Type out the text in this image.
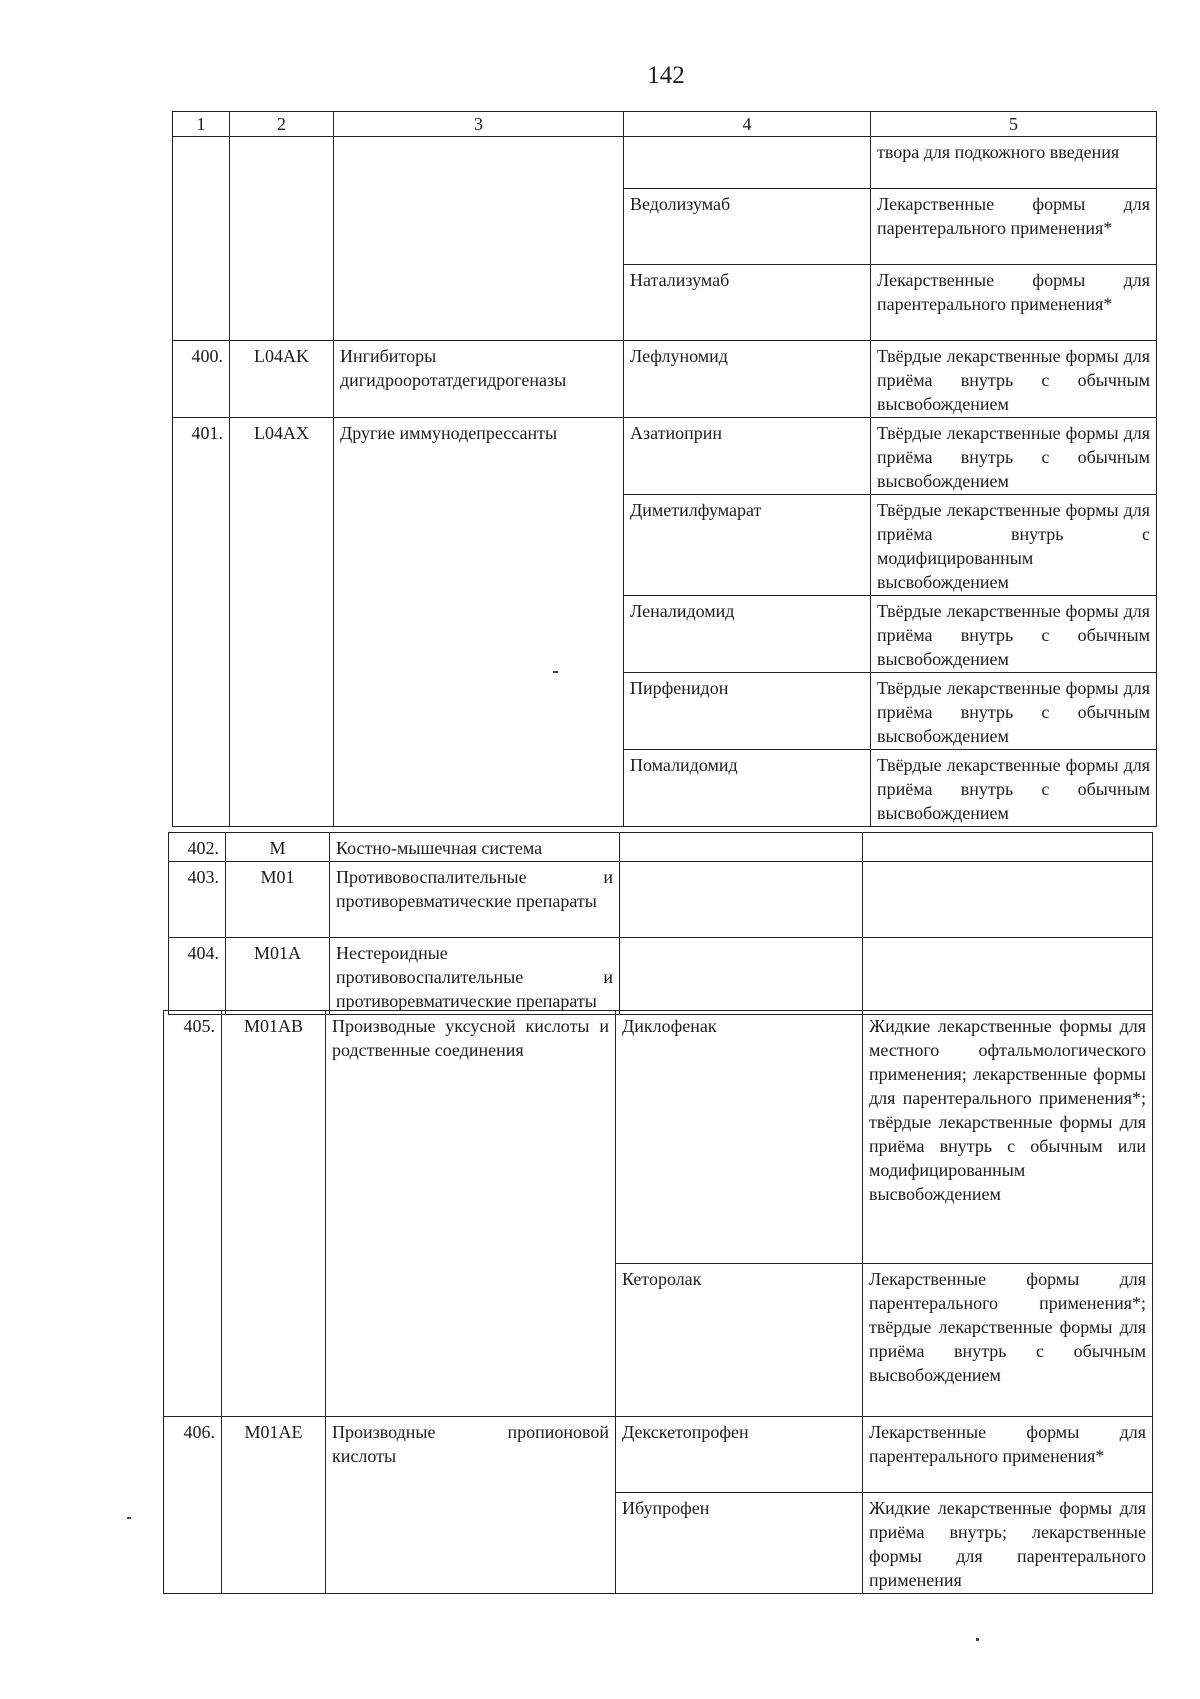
142
1	2	3	4	5
				твора для подкожного введения
			Ведолизумаб	Лекарственные формы для парентерального применения*
			Натализумаб	Лекарственные формы для парентерального применения*
400.	L04AK	Ингибиторы дигидрооротатдегидрогеназы	Лефлуномид	Твёрдые лекарственные формы для приёма внутрь с обычным высвобождением
401.	L04AX	Другие иммунодепрессанты	Азатиоприн	Твёрдые лекарственные формы для приёма внутрь с обычным высвобождением
			Диметилфумарат	Твёрдые лекарственные формы для приёма внутрь с модифицированным высвобождением
			Леналидомид	Твёрдые лекарственные формы для приёма внутрь с обычным высвобождением
			Пирфенидон	Твёрдые лекарственные формы для приёма внутрь с обычным высвобождением
			Помалидомид	Твёрдые лекарственные формы для приёма внутрь с обычным высвобождением
402.	M	Костно-мышечная система		
403.	M01	Противовоспалительные и противоревматические препараты		
404.	M01A	Нестероидные противовоспалительные и противоревматические препараты		
405.	M01AB	Производные уксусной кислоты и родственные соединения	Диклофенак	Жидкие лекарственные формы для местного офтальмологического применения; лекарственные формы для парентерального применения*; твёрдые лекарственные формы для приёма внутрь с обычным или модифицированным высвобождением
			Кеторолак	Лекарственные формы для парентерального применения*; твёрдые лекарственные формы для приёма внутрь с обычным высвобождением
406.	M01AE	Производные пропионовой кислоты	Декскетопрофен	Лекарственные формы для парентерального применения*
			Ибупрофен	Жидкие лекарственные формы для приёма внутрь; лекарственные формы для парентерального применения
